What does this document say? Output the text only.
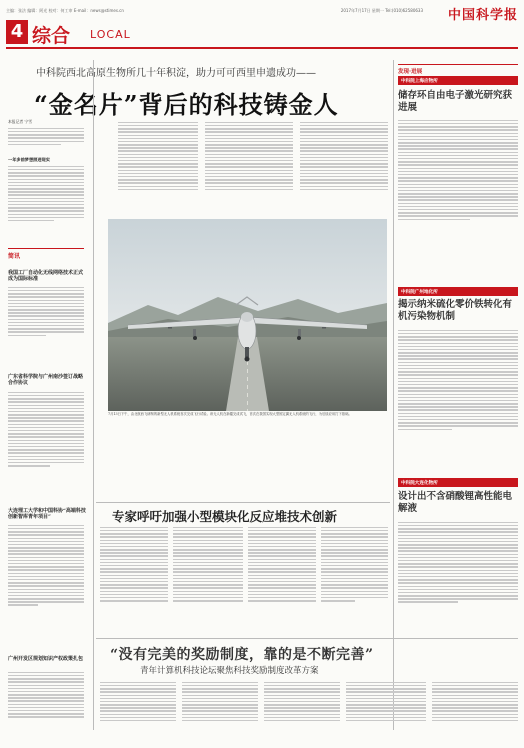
主编：张法 编辑：阿光 校对：何工审 E-mail：news@stimes.cn	2017年7月17日 星期一 Tel:(010)62580633 中国科学报
4 综合 LOCAL
中科院西北高原生物所几十年积淀，助力可可西里申遗成功——
“金名片”背后的科技铸金人
本报记者 宁雪
一年多前梦想照进现实
简讯
我国工厂自动化无线网络技术正式成为国际标准
广东省科学院与广州南沙签订战略合作协议
大连理工大学和中国科协“高端科技创新智库青年项目”
广州开发区规划知识产权政策扎包
7月13日下午，由北航西飞研制的新型无人机系统首次完成飞行试验。该无人机在新疆完成试飞，首次在我国实现大型固定翼无人机系统的飞行，为后续应用打下基础。
专家呼吁加强小型模块化反应堆技术创新
“没有完美的奖励制度，靠的是不断完善”
青年计算机科技论坛聚焦科技奖励制度改革方案
发现·进展
中科院上海应物所
储存环自由电子激光研究获进展
中科院广州地化所
揭示纳米硫化零价铁转化有机污染物机制
中科院大连化物所
设计出不含硝酸锂高性能电解液
